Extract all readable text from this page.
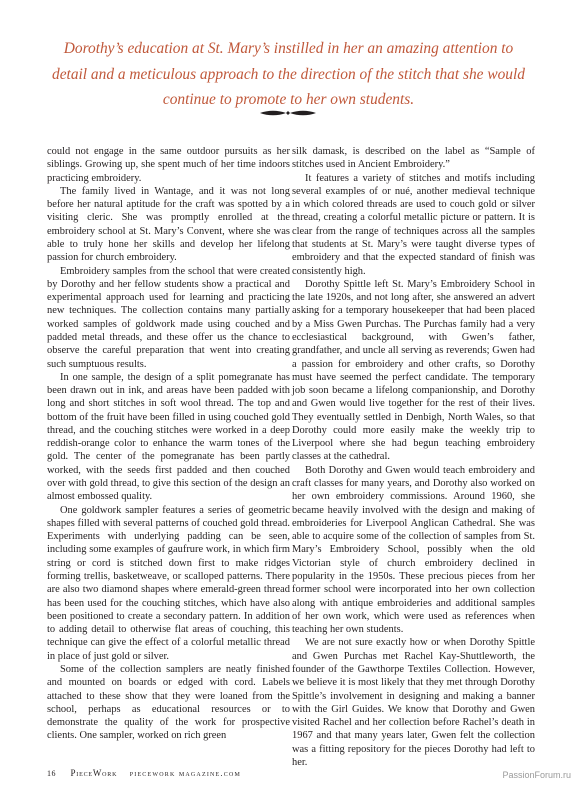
Dorothy’s education at St. Mary’s instilled in her an amazing attention to detail and a meticulous approach to the direction of the stitch that she would continue to promote to her own students.

could not engage in the same outdoor pursuits as her siblings. Growing up, she spent much of her time indoors practicing embroidery.

The family lived in Wantage, and it was not long before her natural aptitude for the craft was spotted by a visiting cleric. She was promptly enrolled at the embroidery school at St. Mary’s Convent, where she was able to truly hone her skills and develop her lifelong passion for church embroidery.

Embroidery samples from the school that were created by Dorothy and her fellow students show a practical and experimental approach used for learning and practicing new techniques. The collection contains many partially worked samples of goldwork made using couched and padded metal threads, and these offer us the chance to observe the careful preparation that went into creating such sumptuous results.

In one sample, the design of a split pomegranate has been drawn out in ink, and areas have been padded with long and short stitches in soft wool thread. The top and bottom of the fruit have been filled in using couched gold thread, and the couching stitches were worked in a deep reddish-orange color to enhance the warm tones of the gold. The center of the pomegranate has been partly worked, with the seeds first padded and then couched over with gold thread, to give this section of the design an almost embossed quality.

One goldwork sampler features a series of geometric shapes filled with several patterns of couched gold thread. Experiments with underlying padding can be seen, including some examples of gaufrure work, in which firm string or cord is stitched down first to make ridges forming trellis, basketweave, or scalloped patterns. There are also two diamond shapes where emerald-green thread has been used for the couching stitches, which have also been positioned to create a secondary pattern. In addition to adding detail to otherwise flat areas of couching, this technique can give the effect of a colorful metallic thread in place of just gold or silver.

Some of the collection samplers are neatly finished and mounted on boards or edged with cord. Labels attached to these show that they were loaned from the school, perhaps as educational resources or to demonstrate the quality of the work for prospective clients. One sampler, worked on rich green

silk damask, is described on the label as “Sample of stitches used in Ancient Embroidery.”

It features a variety of stitches and motifs including several examples of or nué, another medieval technique in which colored threads are used to couch gold or silver thread, creating a colorful metallic picture or pattern. It is clear from the range of techniques across all the samples that students at St. Mary’s were taught diverse types of embroidery and that the expected standard of finish was consistently high.

Dorothy Spittle left St. Mary’s Embroidery School in the late 1920s, and not long after, she answered an advert asking for a temporary housekeeper that had been placed by a Miss Gwen Purchas. The Purchas family had a very ecclesiastical background, with Gwen’s father, grandfather, and uncle all serving as reverends; Gwen had a passion for embroidery and other crafts, so Dorothy must have seemed the perfect candidate. The temporary job soon became a lifelong companionship, and Dorothy and Gwen would live together for the rest of their lives. They eventually settled in Denbigh, North Wales, so that Dorothy could more easily make the weekly trip to Liverpool where she had begun teaching embroidery classes at the cathedral.

Both Dorothy and Gwen would teach embroidery and craft classes for many years, and Dorothy also worked on her own embroidery commissions. Around 1960, she became heavily involved with the design and making of embroideries for Liverpool Anglican Cathedral. She was able to acquire some of the collection of samples from St. Mary’s Embroidery School, possibly when the old Victorian style of church embroidery declined in popularity in the 1950s. These precious pieces from her former school were incorporated into her own collection along with antique embroideries and additional samples of her own work, which were used as references when teaching her own students.

We are not sure exactly how or when Dorothy Spittle and Gwen Purchas met Rachel Kay-Shuttleworth, the founder of the Gawthorpe Textiles Collection. However, we believe it is most likely that they met through Dorothy Spittle’s involvement in designing and making a banner with the Girl Guides. We know that Dorothy and Gwen visited Rachel and her collection before Rachel’s death in 1967 and that many years later, Gwen felt the collection was a fitting repository for the pieces Dorothy had left to her.

16 PieceWork piecework magazine.com	PassionForum.ru
